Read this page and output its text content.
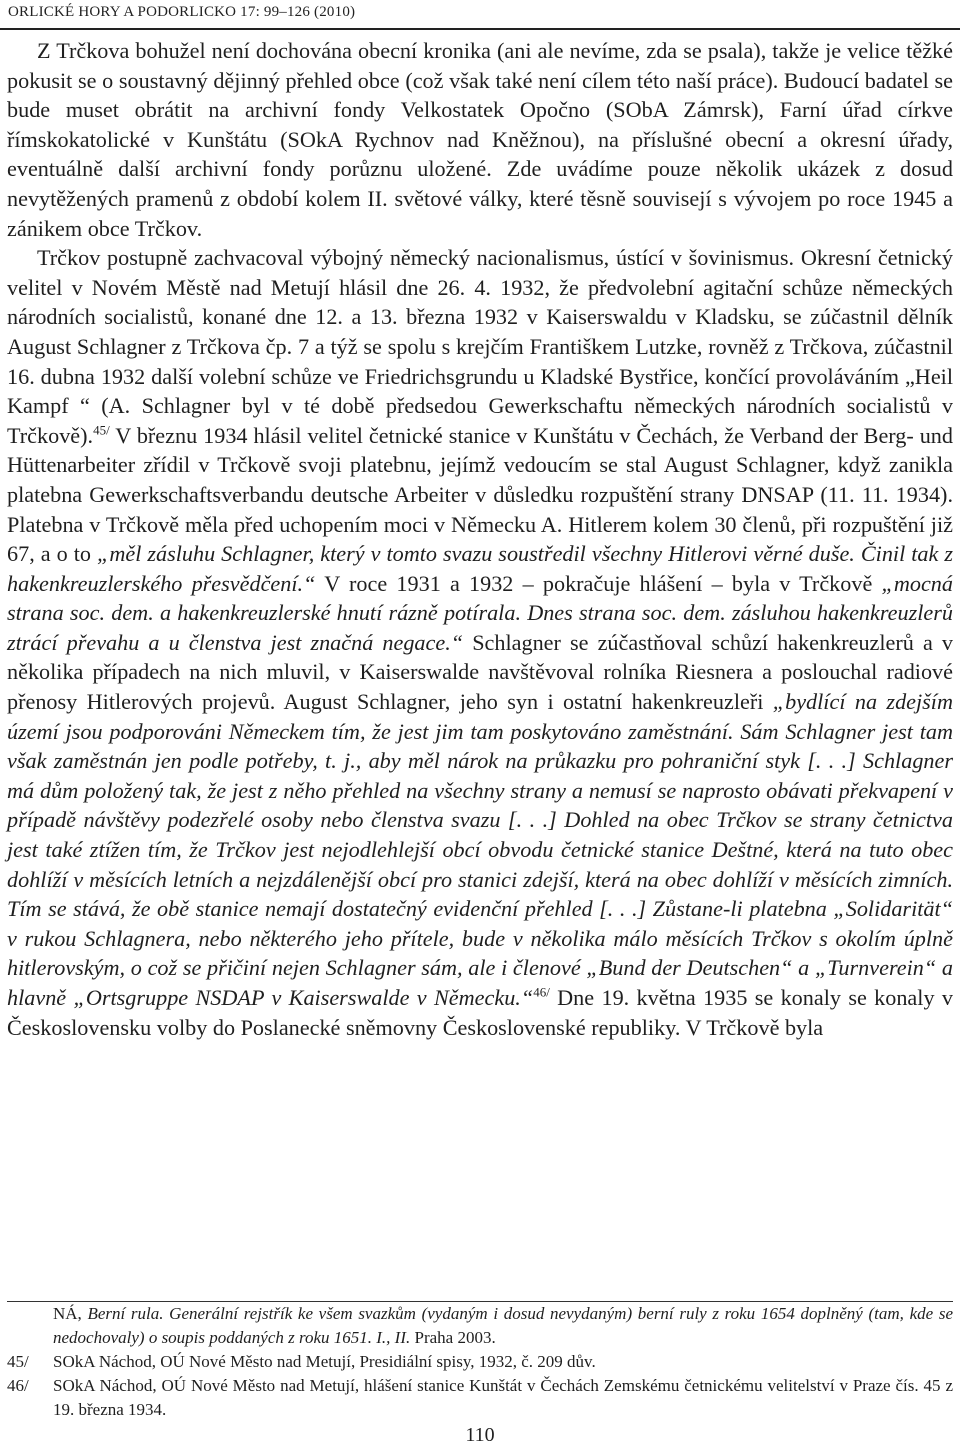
ORLICKÉ HORY A PODORLICKO 17: 99–126 (2010)

Z Trčkova bohužel není dochována obecní kronika (ani ale nevíme, zda se psala), takže je velice těžké pokusit se o soustavný dějinný přehled obce (což však také není cílem této naší práce). Budoucí badatel se bude muset obrátit na archivní fondy Velkostatek Opočno (SObA Zámrsk), Farní úřad církve římskokatolické v Kunštátu (SOkA Rychnov nad Kněžnou), na příslušné obecní a okresní úřady, eventuálně další archivní fondy porůznu uložené. Zde uvádíme pouze několik ukázek z dosud nevytěžených pramenů z období kolem II. světové války, které těsně souvisejí s vývojem po roce 1945 a zánikem obce Trčkov.

Trčkov postupně zachvacoval výbojný německý nacionalismus, ústící v šovinismus. Okresní četnický velitel v Novém Městě nad Metují hlásil dne 26. 4. 1932, že předvolební agitační schůze německých národních socialistů, konané dne 12. a 13. března 1932 v Kaiserswaldu v Kladsku, se zúčastnil dělník August Schlagner z Trčkova čp. 7 a týž se spolu s krejčím Františkem Lutzke, rovněž z Trčkova, zúčastnil 16. dubna 1932 další volební schůze ve Friedrichsgrundu u Kladské Bystřice, končící provoláváním „Heil Kampf “ (A. Schlagner byl v té době předsedou Gewerkschaftu německých národních socialistů v Trčkově).$^{45/}$ V březnu 1934 hlásil velitel četnické stanice v Kunštátu v Čechách, že Verband der Berg- und Hüttenarbeiter zřídil v Trčkově svoji platebnu, jejímž vedoucím se stal August Schlagner, když zanikla platebna Gewerkschaftsverbandu deutsche Arbeiter v důsledku rozpuštění strany DNSAP (11. 11. 1934). Platebna v Trčkově měla před uchopením moci v Německu A. Hitlerem kolem 30 členů, při rozpuštění již 67, a o to „měl zásluhu Schlagner, který v tomto svazu soustředil všechny Hitlerovi věrné duše. Činil tak z hakenkreuzlerského přesvědčení.“ V roce 1931 a 1932 – pokračuje hlášení – byla v Trčkově „mocná strana soc. dem. a hakenkreuzlerské hnutí rázně potírala. Dnes strana soc. dem. zásluhou hakenkreuzlerů ztrácí převahu a u členstva jest značná negace.“ Schlagner se zúčastňoval schůzí hakenkreuzlerů a v několika případech na nich mluvil, v Kaiserswalde navštěvoval rolníka Riesnera a poslouchal radiové přenosy Hitlerových projevů. August Schlagner, jeho syn i ostatní hakenkreuzleři „bydlící na zdejším území jsou podporováni Německem tím, že jest jim tam poskytováno zaměstnání. Sám Schlagner jest tam však zaměstnán jen podle potřeby, t. j., aby měl nárok na průkazku pro pohraniční styk [. . .] Schlagner má dům položený tak, že jest z něho přehled na všechny strany a nemusí se naprosto obávati překvapení v případě návštěvy podezřelé osoby nebo členstva svazu [. . .] Dohled na obec Trčkov se strany četnictva jest také ztížen tím, že Trčkov jest nejodlehlejší obcí obvodu četnické stanice Deštné, která na tuto obec dohlíží v měsících letních a nejzdálenější obcí pro stanici zdejší, která na obec dohlíží v měsících zimních. Tím se stává, že obě stanice nemají dostatečný evidenční přehled [. . .] Zůstane-li platebna „Solidarität“ v rukou Schlagnera, nebo některého jeho přítele, bude v několika málo měsících Trčkov s okolím úplně hitlerovským, o což se přičiní nejen Schlagner sám, ale i členové „Bund der Deutschen“ a „Turnverein“ a hlavně „Ortsgruppe NSDAP v Kaiserswalde v Německu.“$^{46/}$ Dne 19. května 1935 se konaly se konaly v Československu volby do Poslanecké sněmovny Československé republiky. V Trčkově byla

NÁ, Berní rula. Generální rejstřík ke všem svazkům (vydaným i dosud nevydaným) berní ruly z roku 1654 doplněný (tam, kde se nedochovaly) o soupis poddaných z roku 1651. I., II. Praha 2003.
45/	SOkA Náchod, OÚ Nové Město nad Metují, Presidiální spisy, 1932, č. 209 dův.
46/	SOkA Náchod, OÚ Nové Město nad Metují, hlášení stanice Kunštát v Čechách Zemskému četnickému velitelství v Praze čís. 45 z 19. března 1934.
110
